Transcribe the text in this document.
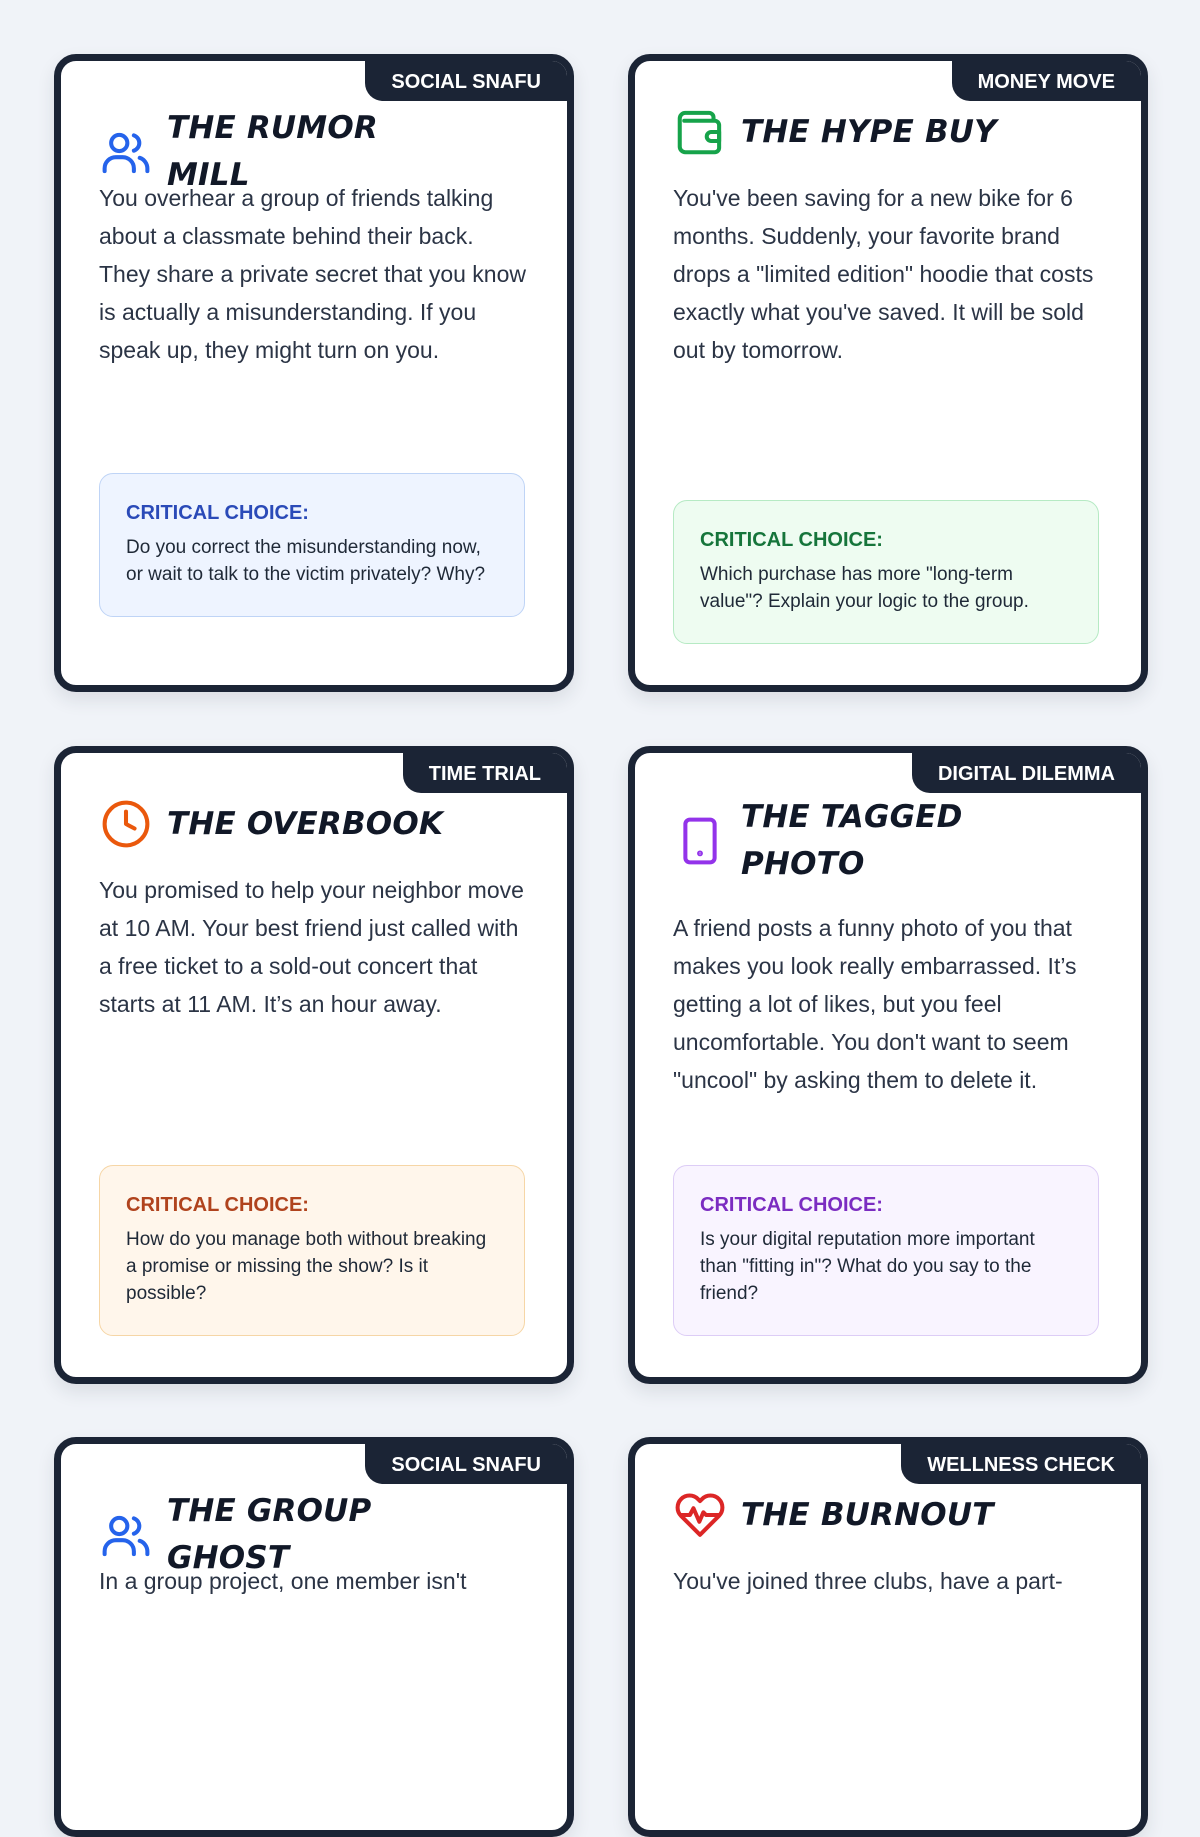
SOCIAL SNAFU
THE RUMOR MILL

You overhear a group of friends talking about a classmate behind their back. They share a private secret that you know is actually a misunderstanding. If you speak up, they might turn on you.

CRITICAL CHOICE:
Do you correct the misunderstanding now, or wait to talk to the victim privately? Why?
MONEY MOVE
THE HYPE BUY

You've been saving for a new bike for 6 months. Suddenly, your favorite brand drops a "limited edition" hoodie that costs exactly what you've saved. It will be sold out by tomorrow.

CRITICAL CHOICE:
Which purchase has more "long-term value"? Explain your logic to the group.
TIME TRIAL
THE OVERBOOK

You promised to help your neighbor move at 10 AM. Your best friend just called with a free ticket to a sold-out concert that starts at 11 AM. It’s an hour away.

CRITICAL CHOICE:
How do you manage both without breaking a promise or missing the show? Is it possible?
DIGITAL DILEMMA
THE TAGGED PHOTO

A friend posts a funny photo of you that makes you look really embarrassed. It’s getting a lot of likes, but you feel uncomfortable. You don't want to seem "uncool" by asking them to delete it.

CRITICAL CHOICE:
Is your digital reputation more important than "fitting in"? What do you say to the friend?
SOCIAL SNAFU
THE GROUP GHOST

In a group project, one member isn't

WELLNESS CHECK
THE BURNOUT

You've joined three clubs, have a part-
